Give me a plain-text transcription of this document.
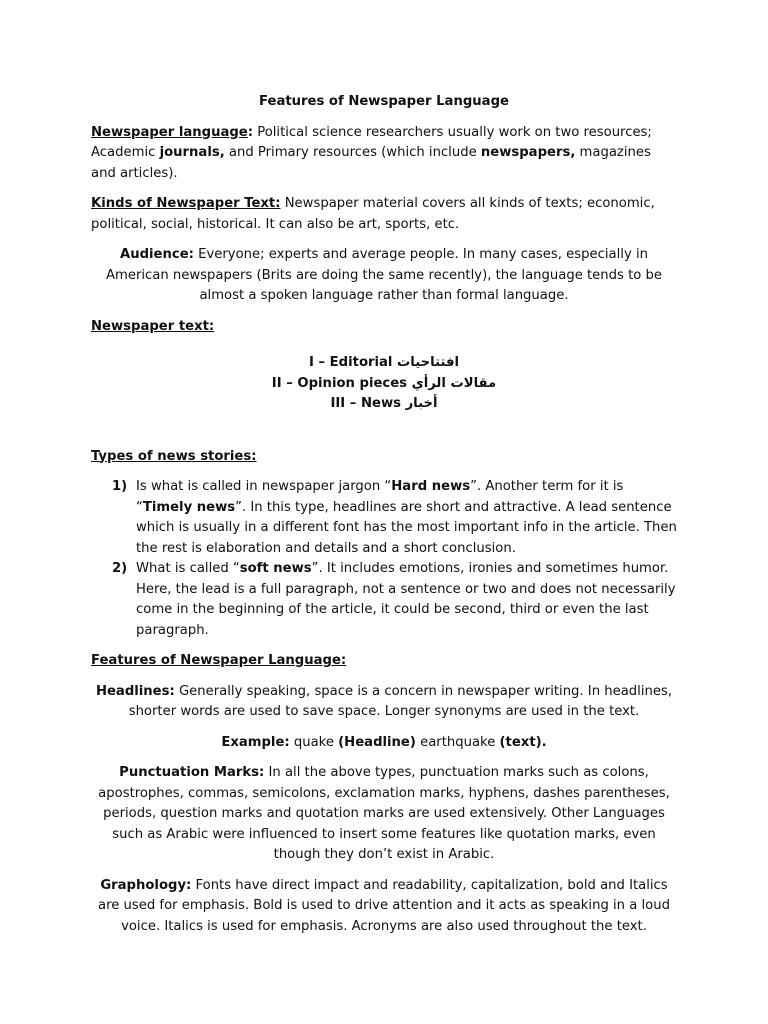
Features of Newspaper Language

Newspaper language: Political science researchers usually work on two resources; Academic journals, and Primary resources (which include newspapers, magazines and articles).

Kinds of Newspaper Text: Newspaper material covers all kinds of texts; economic, political, social, historical. It can also be art, sports, etc.

Audience: Everyone; experts and average people. In many cases, especially in American newspapers (Brits are doing the same recently), the language tends to be almost a spoken language rather than formal language.

Newspaper text:

I – Editorial افتتاحيات
II – Opinion pieces مقالات الرأي
III – News أخبار

Types of news stories:

1) Is what is called in newspaper jargon “Hard news”. Another term for it is “Timely news”. In this type, headlines are short and attractive. A lead sentence which is usually in a different font has the most important info in the article. Then the rest is elaboration and details and a short conclusion.
2) What is called “soft news”. It includes emotions, ironies and sometimes humor. Here, the lead is a full paragraph, not a sentence or two and does not necessarily come in the beginning of the article, it could be second, third or even the last paragraph.

Features of Newspaper Language:

Headlines: Generally speaking, space is a concern in newspaper writing. In headlines, shorter words are used to save space. Longer synonyms are used in the text.

Example: quake (Headline) earthquake (text).

Punctuation Marks: In all the above types, punctuation marks such as colons, apostrophes, commas, semicolons, exclamation marks, hyphens, dashes parentheses, periods, question marks and quotation marks are used extensively. Other Languages such as Arabic were influenced to insert some features like quotation marks, even though they don’t exist in Arabic.

Graphology: Fonts have direct impact and readability, capitalization, bold and Italics are used for emphasis. Bold is used to drive attention and it acts as speaking in a loud voice. Italics is used for emphasis. Acronyms are also used throughout the text.
